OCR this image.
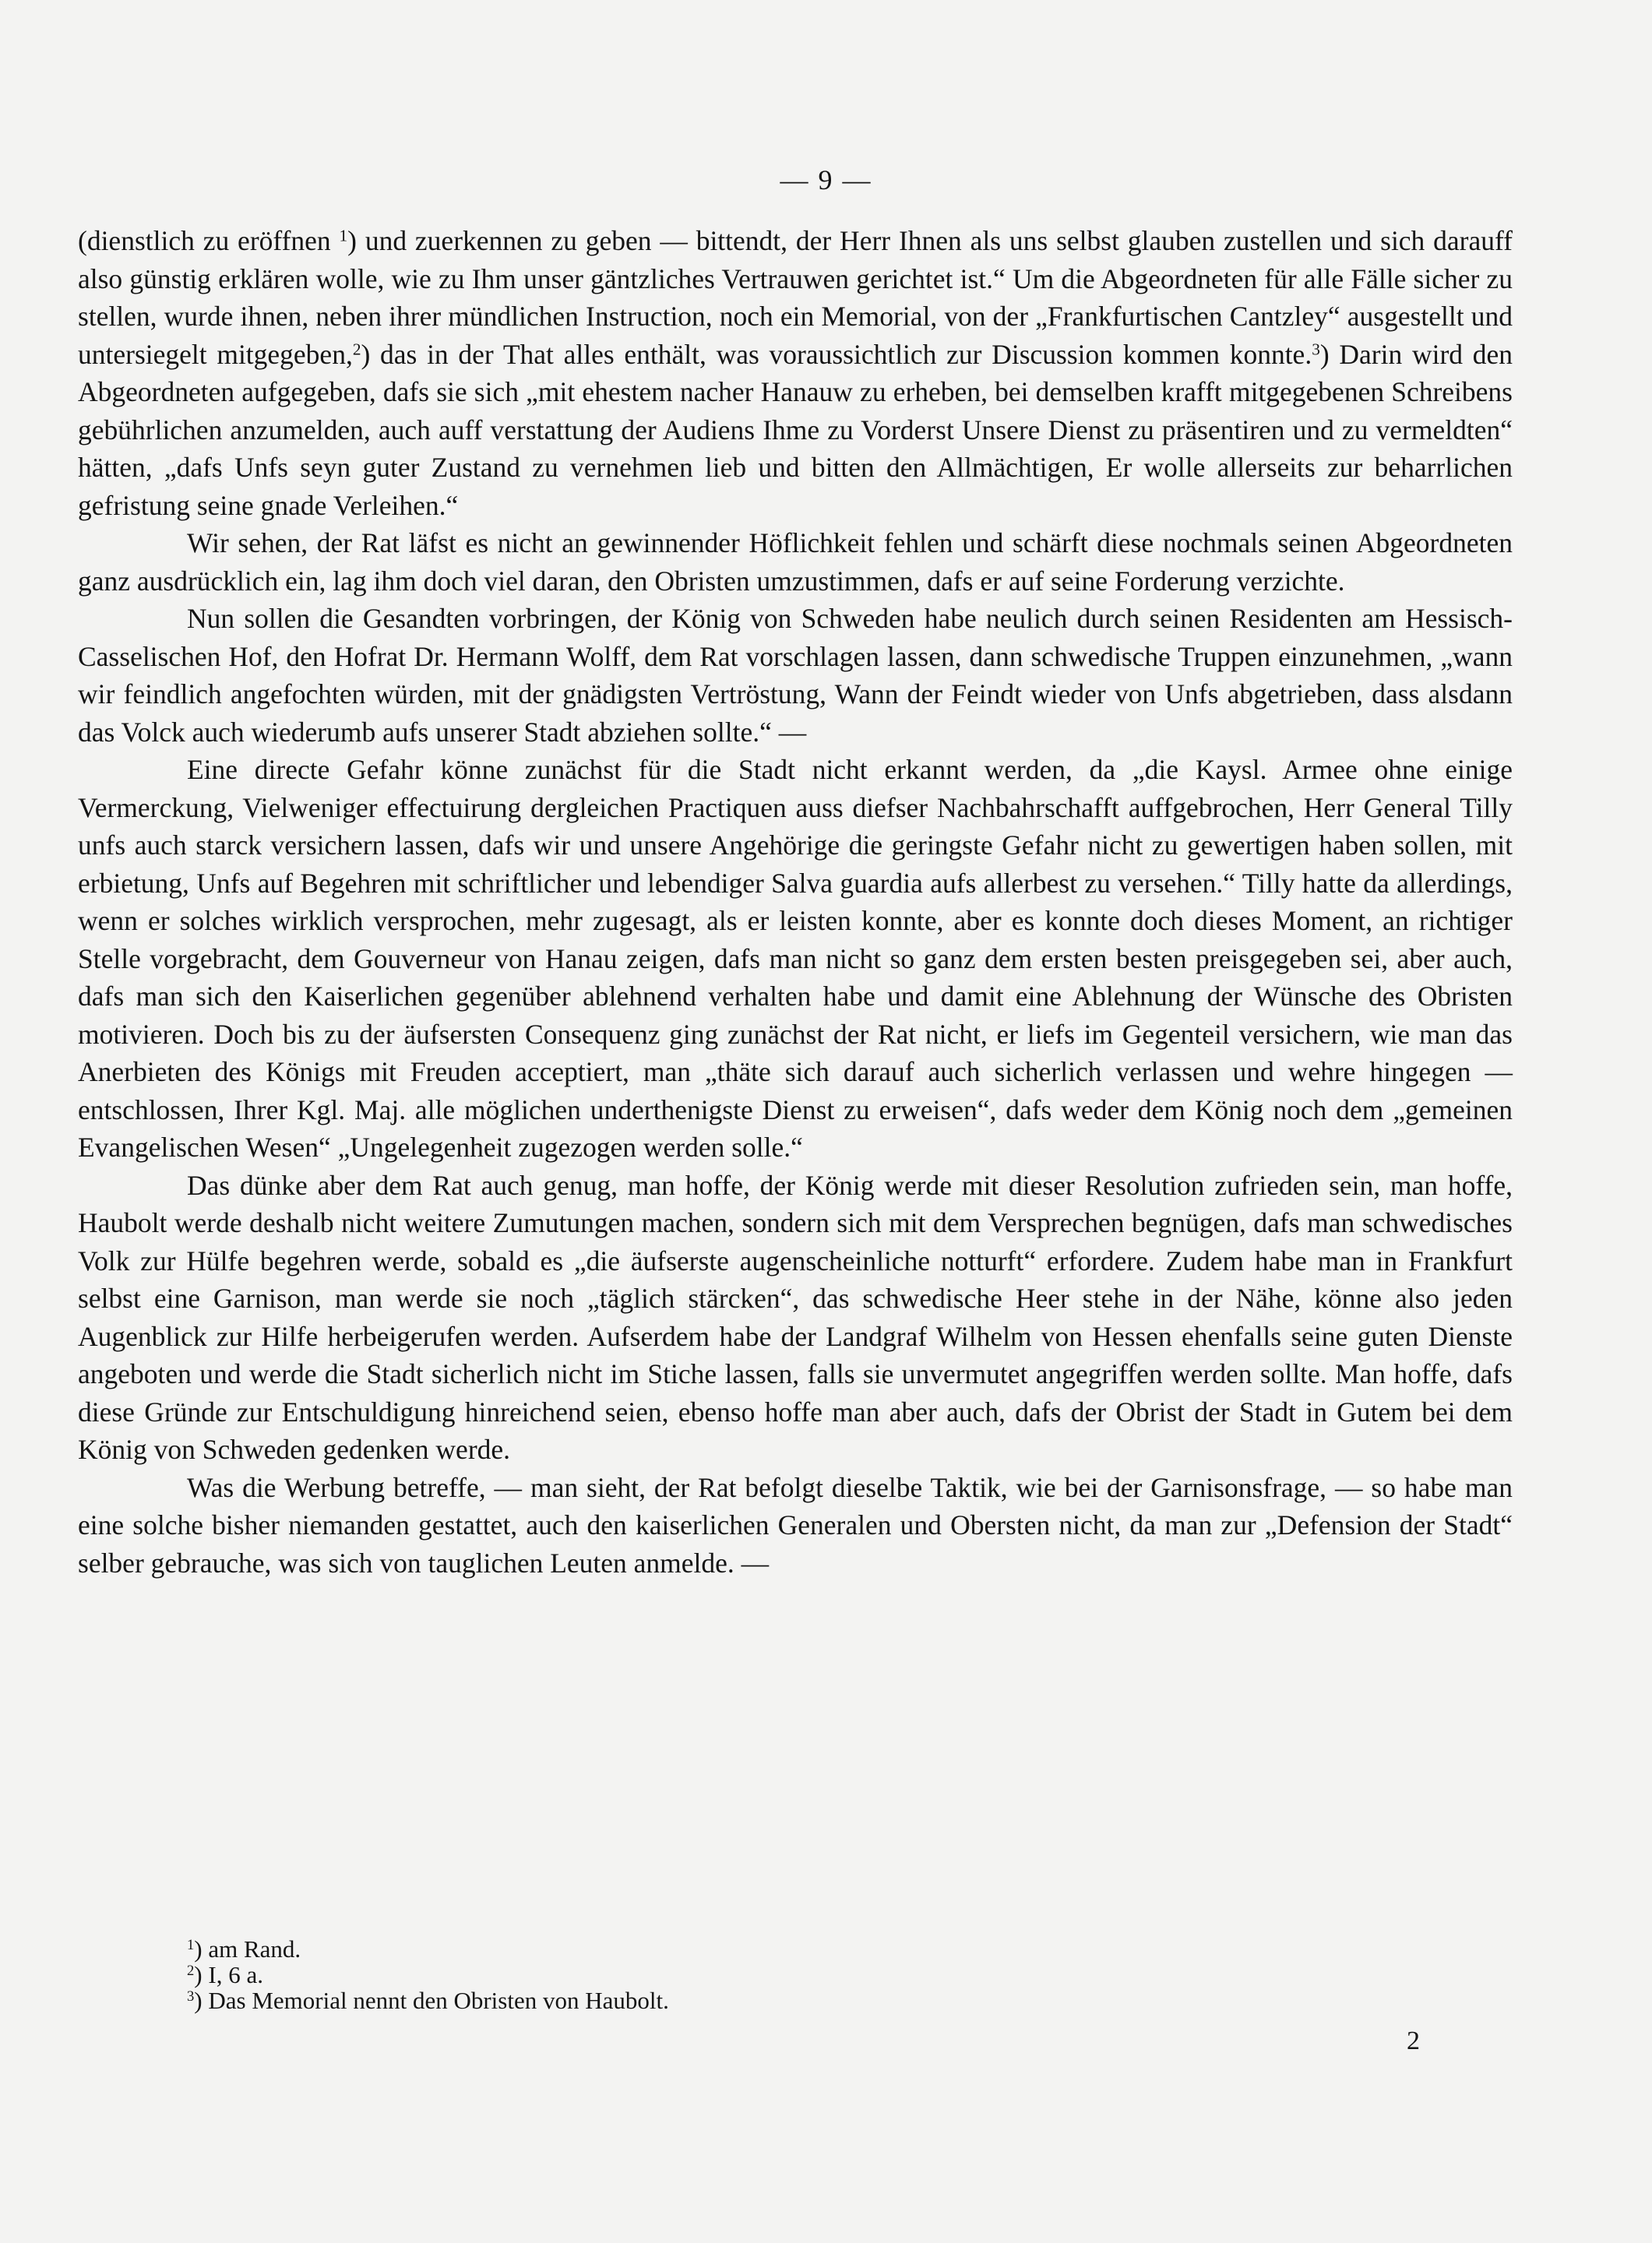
— 9 —

(dienstlich zu eröffnen $^1$) und zuerkennen zu geben — bittendt, der Herr Ihnen als uns selbst glauben zustellen und sich darauff also günstig erklären wolle, wie zu Ihm unser gäntzliches Vertrauwen gerichtet ist.“ Um die Abgeordneten für alle Fälle sicher zu stellen, wurde ihnen, neben ihrer mündlichen Instruction, noch ein Memorial, von der „Frankfurtischen Cantzley“ ausgestellt und untersiegelt mitgegeben,$^2$) das in der That alles enthält, was voraussichtlich zur Discussion kommen konnte.$^3$) Darin wird den Abgeordneten aufgegeben, dafs sie sich „mit ehestem nacher Hanauw zu erheben, bei demselben krafft mitgegebenen Schreibens gebührlichen anzumelden, auch auff verstattung der Audiens Ihme zu Vorderst Unsere Dienst zu präsentiren und zu vermeldten“ hätten, „dafs Unfs seyn guter Zustand zu vernehmen lieb und bitten den Allmächtigen, Er wolle allerseits zur beharrlichen gefristung seine gnade Verleihen.“

Wir sehen, der Rat läfst es nicht an gewinnender Höflichkeit fehlen und schärft diese nochmals seinen Abgeordneten ganz ausdrücklich ein, lag ihm doch viel daran, den Obristen umzustimmen, dafs er auf seine Forderung verzichte.

Nun sollen die Gesandten vorbringen, der König von Schweden habe neulich durch seinen Residenten am Hessisch-Casselischen Hof, den Hofrat Dr. Hermann Wolff, dem Rat vorschlagen lassen, dann schwedische Truppen einzunehmen, „wann wir feindlich angefochten würden, mit der gnädigsten Vertröstung, Wann der Feindt wieder von Unfs abgetrieben, dass alsdann das Volck auch wiederumb aufs unserer Stadt abziehen sollte.“ —

Eine directe Gefahr könne zunächst für die Stadt nicht erkannt werden, da „die Kaysl. Armee ohne einige Vermerckung, Vielweniger effectuirung dergleichen Practiquen auss diefser Nachbahrschafft auffgebrochen, Herr General Tilly unfs auch starck versichern lassen, dafs wir und unsere Angehörige die geringste Gefahr nicht zu gewertigen haben sollen, mit erbietung, Unfs auf Begehren mit schriftlicher und lebendiger Salva guardia aufs allerbest zu versehen.“ Tilly hatte da allerdings, wenn er solches wirklich versprochen, mehr zugesagt, als er leisten konnte, aber es konnte doch dieses Moment, an richtiger Stelle vorgebracht, dem Gouverneur von Hanau zeigen, dafs man nicht so ganz dem ersten besten preisgegeben sei, aber auch, dafs man sich den Kaiserlichen gegenüber ablehnend verhalten habe und damit eine Ablehnung der Wünsche des Obristen motivieren. Doch bis zu der äufsersten Consequenz ging zunächst der Rat nicht, er liefs im Gegenteil versichern, wie man das Anerbieten des Königs mit Freuden acceptiert, man „thäte sich darauf auch sicherlich verlassen und wehre hingegen — entschlossen, Ihrer Kgl. Maj. alle möglichen underthenigste Dienst zu erweisen“, dafs weder dem König noch dem „gemeinen Evangelischen Wesen“ „Ungelegenheit zugezogen werden solle.“

Das dünke aber dem Rat auch genug, man hoffe, der König werde mit dieser Resolution zufrieden sein, man hoffe, Haubolt werde deshalb nicht weitere Zumutungen machen, sondern sich mit dem Versprechen begnügen, dafs man schwedisches Volk zur Hülfe begehren werde, sobald es „die äufserste augenscheinliche notturft“ erfordere. Zudem habe man in Frankfurt selbst eine Garnison, man werde sie noch „täglich stärcken“, das schwedische Heer stehe in der Nähe, könne also jeden Augenblick zur Hilfe herbeigerufen werden. Aufserdem habe der Landgraf Wilhelm von Hessen ehenfalls seine guten Dienste angeboten und werde die Stadt sicherlich nicht im Stiche lassen, falls sie unvermutet angegriffen werden sollte. Man hoffe, dafs diese Gründe zur Entschuldigung hinreichend seien, ebenso hoffe man aber auch, dafs der Obrist der Stadt in Gutem bei dem König von Schweden gedenken werde.

Was die Werbung betreffe, — man sieht, der Rat befolgt dieselbe Taktik, wie bei der Garnisonsfrage, — so habe man eine solche bisher niemanden gestattet, auch den kaiserlichen Generalen und Obersten nicht, da man zur „Defension der Stadt“ selber gebrauche, was sich von tauglichen Leuten anmelde. —

$^1$) am Rand.
$^2$) I, 6 a.
$^3$) Das Memorial nennt den Obristen von Haubolt.
2
